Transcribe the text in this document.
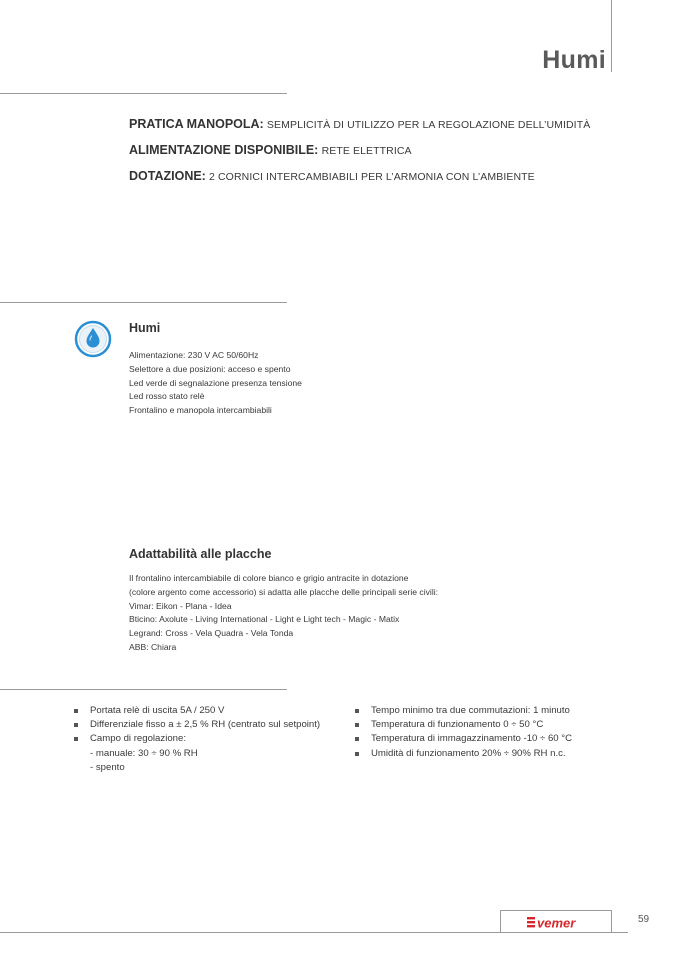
Humi
PRATICA MANOPOLA: SEMPLICITÀ DI UTILIZZO PER LA REGOLAZIONE DELL’UMIDITÀ
ALIMENTAZIONE DISPONIBILE: RETE ELETTRICA
DOTAZIONE: 2 CORNICI INTERCAMBIABILI PER L’ARMONIA CON L’AMBIENTE
Humi
Alimentazione: 230 V AC 50/60Hz
Selettore a due posizioni: acceso e spento
Led verde di segnalazione presenza tensione
Led rosso stato relè
Frontalino e manopola intercambiabili
Adattabilità alle placche
Il frontalino intercambiabile di colore bianco e grigio antracite in dotazione
(colore argento come accessorio) si adatta alle placche delle principali serie civili:
Vimar: Eikon - Plana - Idea
Bticino: Axolute - Living International - Light e Light tech - Magic - Matix
Legrand: Cross - Vela Quadra - Vela Tonda
ABB: Chiara
Portata relè di uscita 5A / 250 V
Differenziale fisso a ± 2,5 % RH (centrato sul setpoint)
Campo di regolazione:
- manuale: 30 ÷ 90 % RH
- spento
Tempo minimo tra due commutazioni: 1 minuto
Temperatura di funzionamento 0 ÷ 50 °C
Temperatura di immagazzinamento -10 ÷ 60 °C
Umidità di funzionamento 20% ÷ 90% RH n.c.
vemer	59
